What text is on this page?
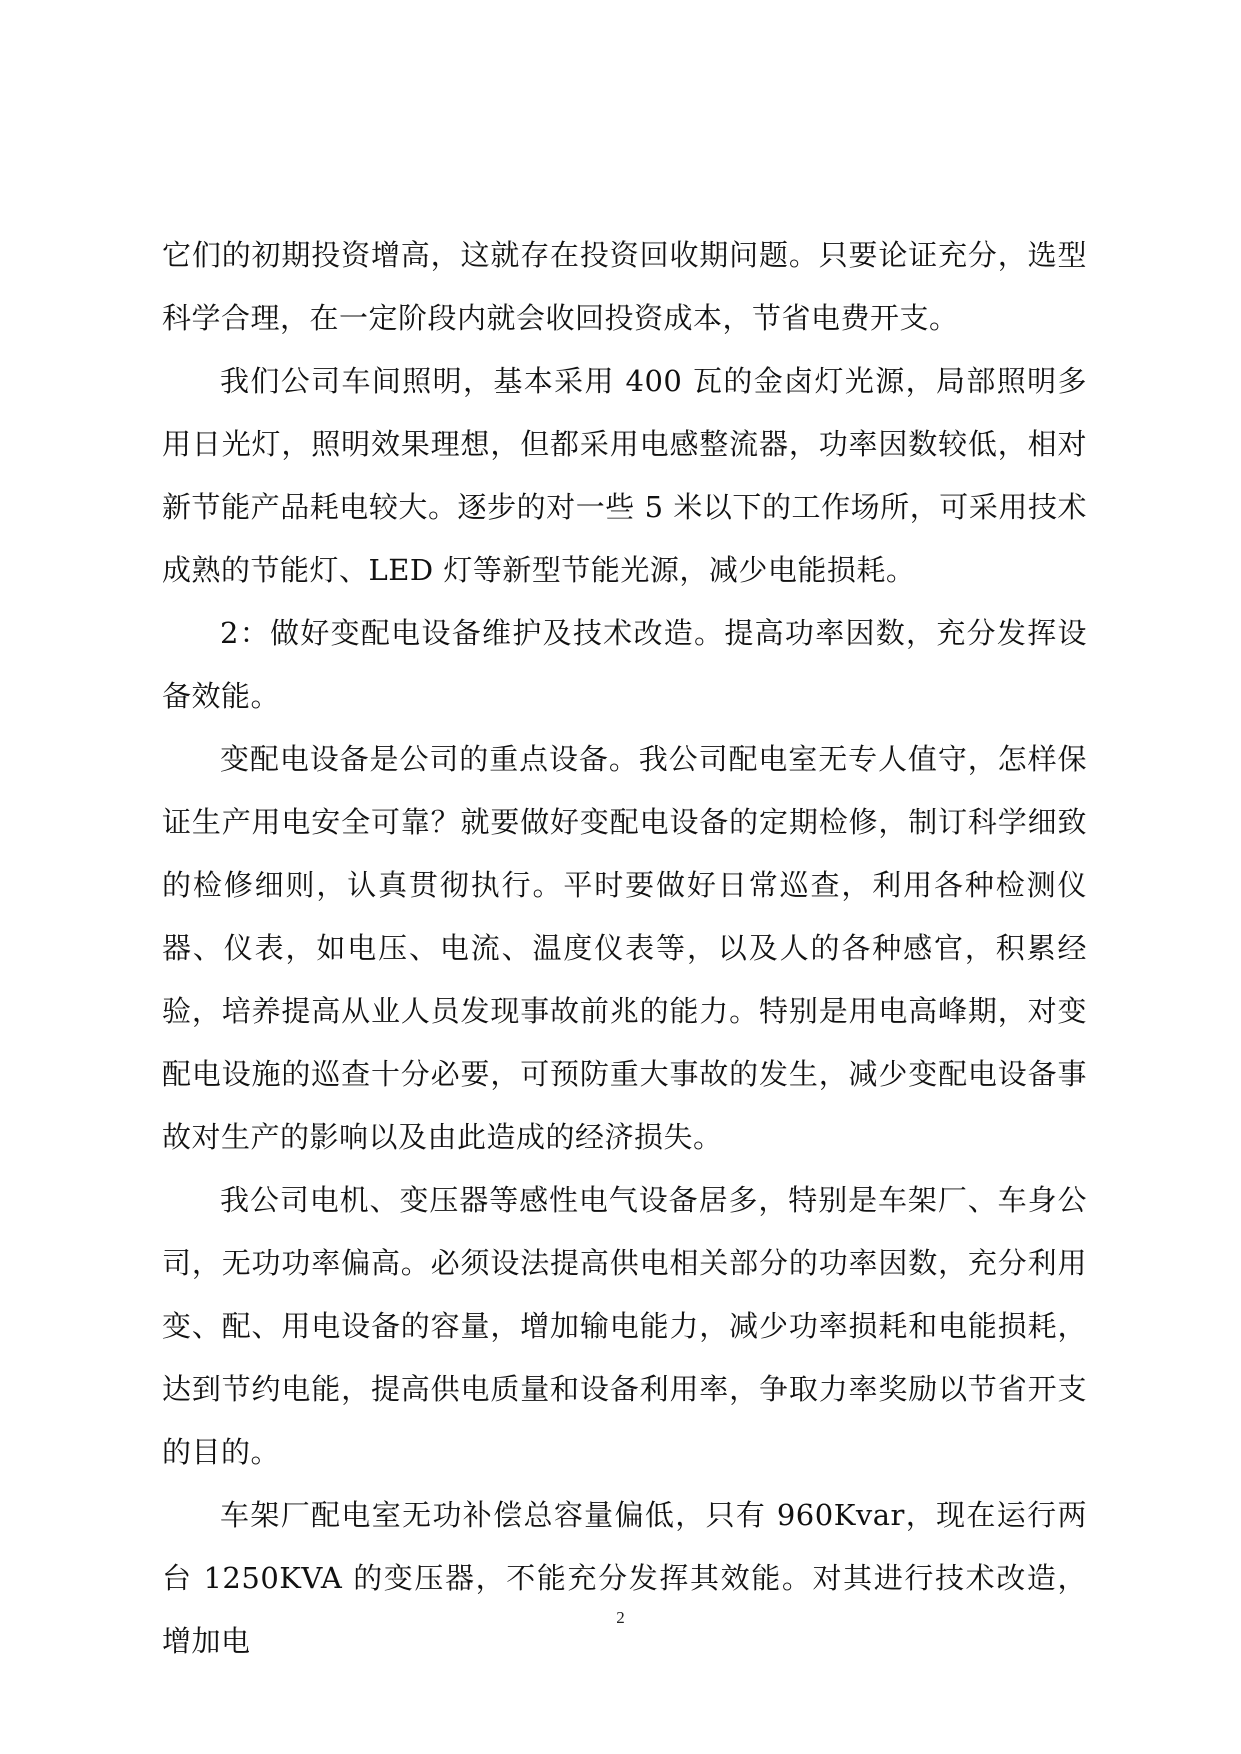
它们的初期投资增高，这就存在投资回收期问题。只要论证充分，选型科学合理，在一定阶段内就会收回投资成本，节省电费开支。

我们公司车间照明，基本采用 400 瓦的金卤灯光源，局部照明多用日光灯，照明效果理想，但都采用电感整流器，功率因数较低，相对新节能产品耗电较大。逐步的对一些 5 米以下的工作场所，可采用技术成熟的节能灯、LED 灯等新型节能光源，减少电能损耗。

2：做好变配电设备维护及技术改造。提高功率因数，充分发挥设备效能。

变配电设备是公司的重点设备。我公司配电室无专人值守，怎样保证生产用电安全可靠？就要做好变配电设备的定期检修，制订科学细致的检修细则，认真贯彻执行。平时要做好日常巡查，利用各种检测仪器、仪表，如电压、电流、温度仪表等，以及人的各种感官，积累经验，培养提高从业人员发现事故前兆的能力。特别是用电高峰期，对变配电设施的巡查十分必要，可预防重大事故的发生，减少变配电设备事故对生产的影响以及由此造成的经济损失。

我公司电机、变压器等感性电气设备居多，特别是车架厂、车身公司，无功功率偏高。必须设法提高供电相关部分的功率因数，充分利用变、配、用电设备的容量，增加输电能力，减少功率损耗和电能损耗，达到节约电能，提高供电质量和设备利用率，争取力率奖励以节省开支的目的。

车架厂配电室无功补偿总容量偏低，只有 960Kvar，现在运行两台 1250KVA 的变压器，不能充分发挥其效能。对其进行技术改造，增加电

2
